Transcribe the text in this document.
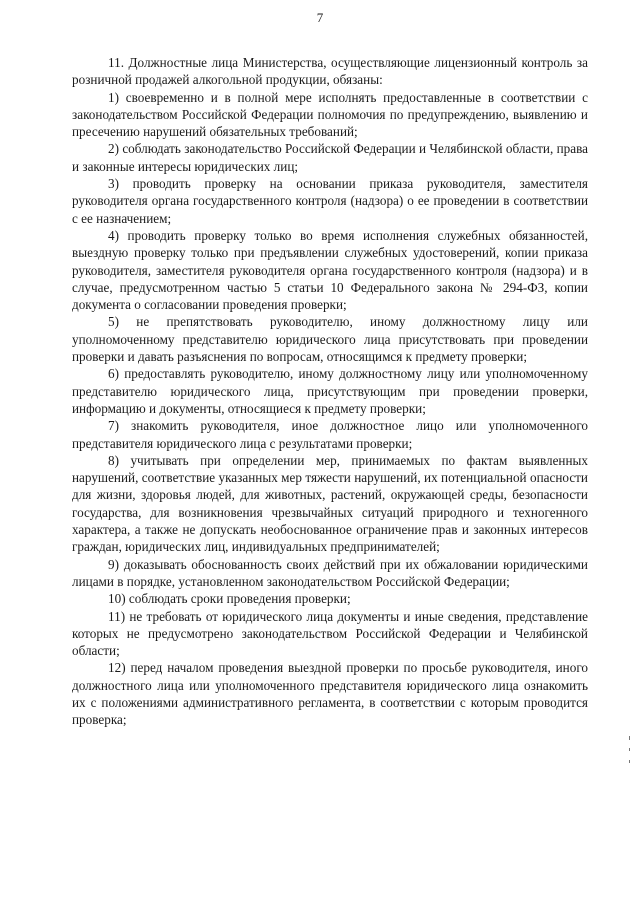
7

11. Должностные лица Министерства, осуществляющие лицензионный контроль за розничной продажей алкогольной продукции, обязаны:

1) своевременно и в полной мере исполнять предоставленные в соответствии с законодательством Российской Федерации полномочия по предупреждению, выявлению и пресечению нарушений обязательных требований;

2) соблюдать законодательство Российской Федерации и Челябинской области, права и законные интересы юридических лиц;

3) проводить проверку на основании приказа руководителя, заместителя руководителя органа государственного контроля (надзора) о ее проведении в соответствии с ее назначением;

4) проводить проверку только во время исполнения служебных обязанностей, выездную проверку только при предъявлении служебных удостоверений, копии приказа руководителя, заместителя руководителя органа государственного контроля (надзора) и в случае, предусмотренном частью 5 статьи 10 Федерального закона № 294-ФЗ, копии документа о согласовании проведения проверки;

5) не препятствовать руководителю, иному должностному лицу или уполномоченному представителю юридического лица присутствовать при проведении проверки и давать разъяснения по вопросам, относящимся к предмету проверки;

6) предоставлять руководителю, иному должностному лицу или уполномоченному представителю юридического лица, присутствующим при проведении проверки, информацию и документы, относящиеся к предмету проверки;

7) знакомить руководителя, иное должностное лицо или уполномоченного представителя юридического лица с результатами проверки;

8) учитывать при определении мер, принимаемых по фактам выявленных нарушений, соответствие указанных мер тяжести нарушений, их потенциальной опасности для жизни, здоровья людей, для животных, растений, окружающей среды, безопасности государства, для возникновения чрезвычайных ситуаций природного и техногенного характера, а также не допускать необоснованное ограничение прав и законных интересов граждан, юридических лиц, индивидуальных предпринимателей;

9) доказывать обоснованность своих действий при их обжаловании юридическими лицами в порядке, установленном законодательством Российской Федерации;

10) соблюдать сроки проведения проверки;

11) не требовать от юридического лица документы и иные сведения, представление которых не предусмотрено законодательством Российской Федерации и Челябинской области;

12) перед началом проведения выездной проверки по просьбе руководителя, иного должностного лица или уполномоченного представителя юридического лица ознакомить их с положениями административного регламента, в соответствии с которым проводится проверка;
